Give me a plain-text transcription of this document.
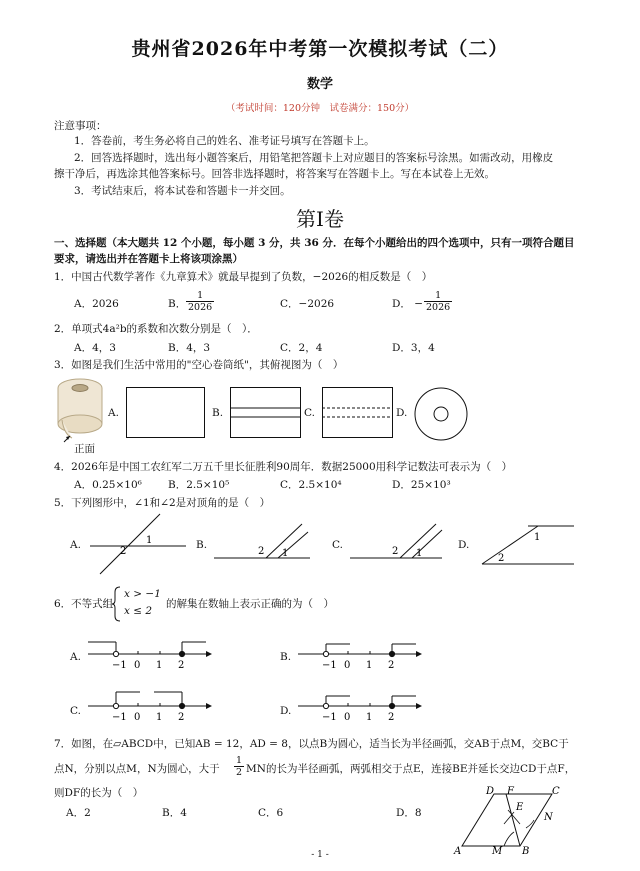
贵州省2026年中考第一次模拟考试（二）
数学
（考试时间：120分钟　试卷满分：150分）
注意事项：
1．答卷前，考生务必将自己的姓名、准考证号填写在答题卡上。
2．回答选择题时，选出每小题答案后，用铅笔把答题卡上对应题目的答案标号涂黑。如需改动，用橡皮
擦干净后，再选涂其他答案标号。回答非选择题时，将答案写在答题卡上。写在本试卷上无效。
3．考试结束后，将本试卷和答题卡一并交回。
第Ⅰ卷
一、选择题（本大题共 12 个小题，每小题 3 分，共 36 分．在每个小题给出的四个选项中，只有一项符合题目
要求，请选出并在答题卡上将该项涂黑）
1．中国古代数学著作《九章算术》就最早提到了负数，−2026的相反数是（　）
A．2026	B． $\frac{1}{2026}$	C．−2026	D． − $\frac{1}{2026}$
2．单项式4a²b的系数和次数分别是（　）．
A．4，3	B．4，3	C．2，4	D．3，4
3．如图是我们生活中常用的"空心卷筒纸"，其俯视图为（　）
正面
A.	B.	C.	D.
4．2026年是中国工农红军二万五千里长征胜利90周年．数据25000用科学记数法可表示为（　）
A．0.25×10⁶ B．2.5×10⁵	C．2.5×10⁴	D．25×10³
5．下列图形中，∠1和∠2是对顶角的是（　）
A.
2
1	B.
2 1
C.
2 1
D.
1
2
6．不等式组
x > −1
x ≤ 2
的解集在数轴上表示正确的为（　）
A.
−1 0 1 2
B.
−1 0 1 2
C.
−1 0 1 2
D.
−1 0 1 2
7．如图，在▱ABCD中，已知AB = 12，AD = 8，以点B为圆心，适当长为半径画弧，交AB于点M，交BC于
点N，分别以点M，N为圆心，大于 $\frac{1}{2}$ MN的长为半径画弧，两弧相交于点E，连接BE并延长交边CD于点F，
则DF的长为（　）
A．2	B．4	C．6	D．8
D F	C
E
N
A	M B
- 1 -
